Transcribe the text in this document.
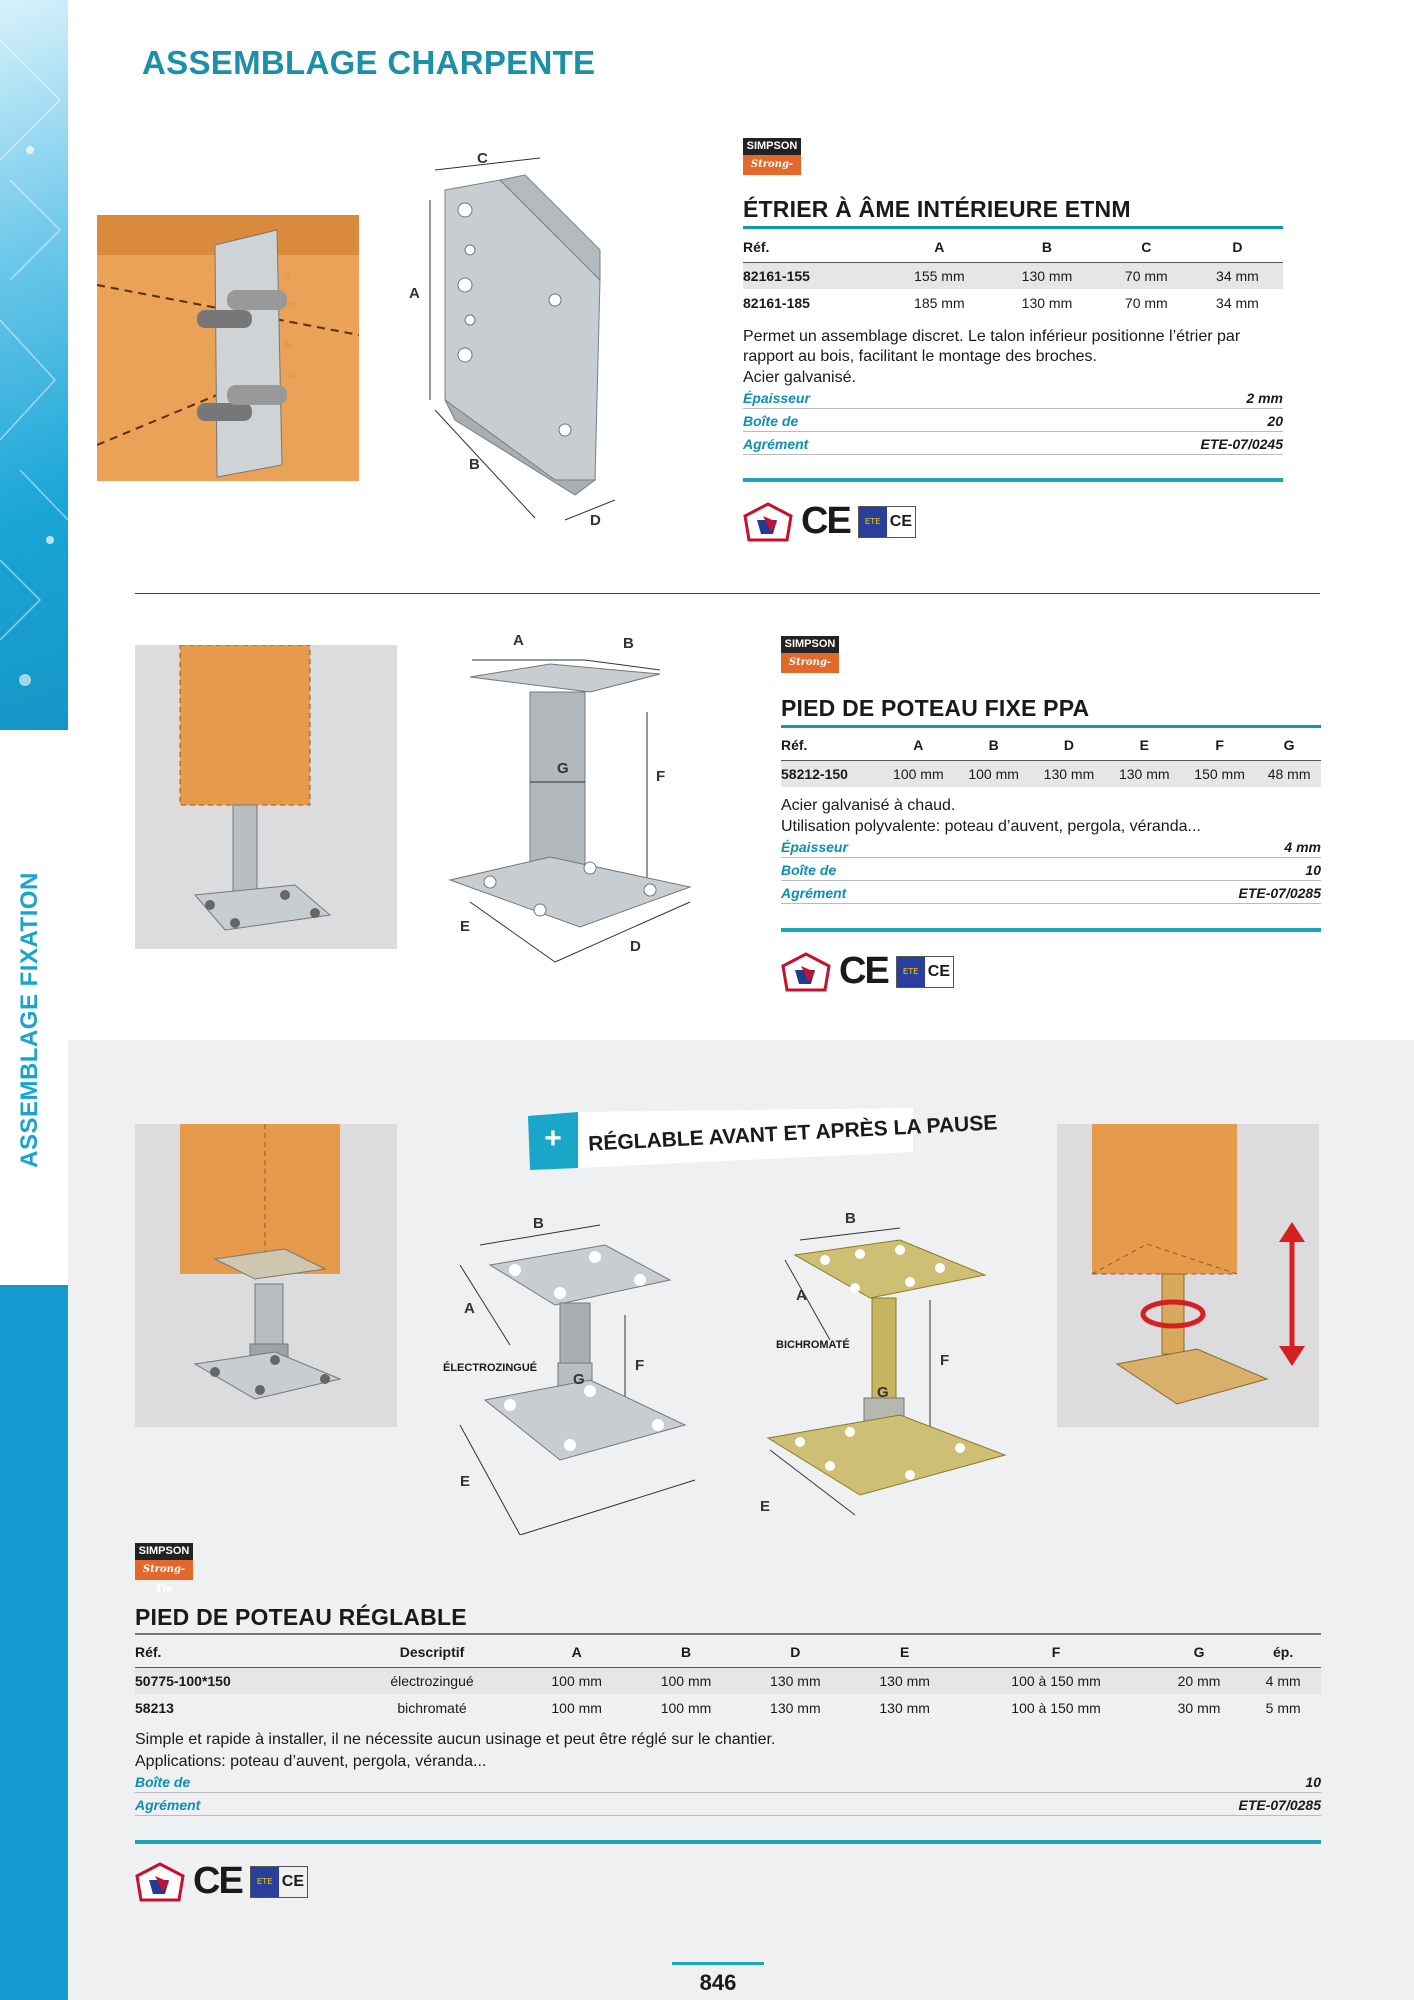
ASSEMBLAGE FIXATION
ASSEMBLAGE CHARPENTE
C
A
B
D
SIMPSON
Strong-Tie
ÉTRIER À ÂME INTÉRIEURE ETNM
Réf.	A	B	C	D
82161-155	155 mm	130 mm	70 mm	34 mm
82161-185	185 mm	130 mm	70 mm	34 mm
Permet un assemblage discret. Le talon inférieur positionne l’étrier par rapport au bois, facilitant le montage des broches.
Acier galvanisé.
Épaisseur	2 mm
Boîte de	20
Agrément	ETE-07/0245
CE	ETE CE
A	B
F
G
E
D
SIMPSON
Strong-Tie
PIED DE POTEAU FIXE PPA
Réf.	A	B	D	E	F	G
58212-150	100 mm	100 mm	130 mm	130 mm	150 mm	48 mm
Acier galvanisé à chaud.
Utilisation polyvalente: poteau d’auvent, pergola, véranda...
Épaisseur	4 mm
Boîte de	10
Agrément	ETE-07/0285
CE	ETE CE
+ RÉGLABLE AVANT ET APRÈS LA PAUSE
B
A
F
G
E
ÉLECTROZINGUÉ
B
A
F
G
E
BICHROMATÉ
SIMPSON
Strong-Tie
PIED DE POTEAU RÉGLABLE
Réf.	Descriptif	A	B	D	E	F	G	ép.
50775-100*150	électrozingué	100 mm	100 mm	130 mm	130 mm	100 à 150 mm	20 mm	4 mm
58213	bichromaté	100 mm	100 mm	130 mm	130 mm	100 à 150 mm	30 mm	5 mm
Simple et rapide à installer, il ne nécessite aucun usinage et peut être réglé sur le chantier.
Applications: poteau d’auvent, pergola, véranda...
Boîte de	10
Agrément	ETE-07/0285
CE	ETE CE
846
